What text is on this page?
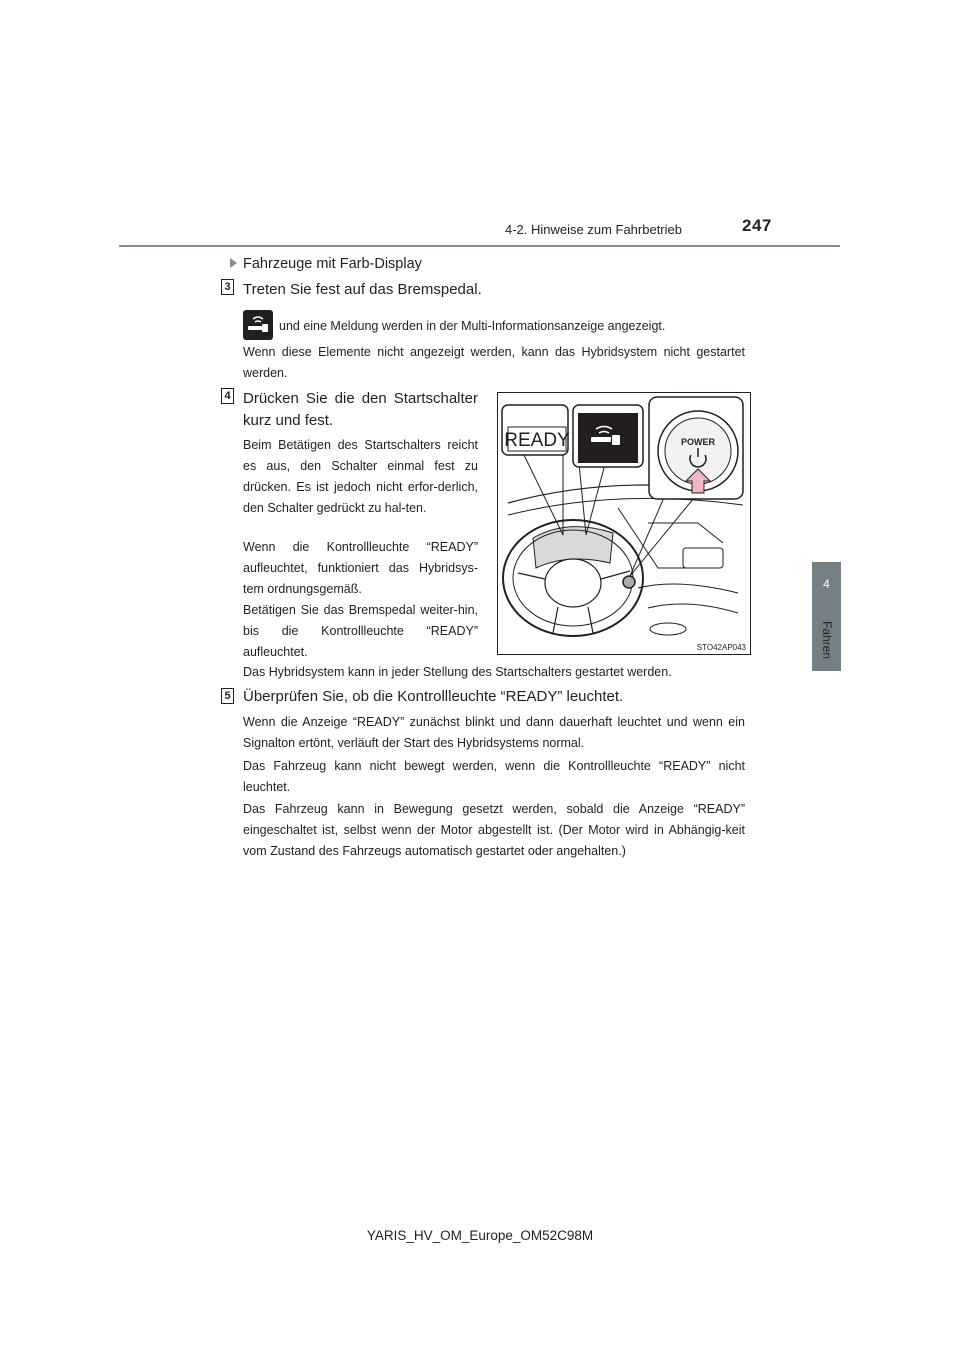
4-2. Hinweise zum Fahrbetrieb	247
4
Fahren
Fahrzeuge mit Farb-Display
3 Treten Sie fest auf das Bremspedal.
und eine Meldung werden in der Multi-Informationsanzeige angezeigt.
Wenn diese Elemente nicht angezeigt werden, kann das Hybridsystem nicht gestartet werden.
4 Drücken Sie die den Startschalter
kurz und fest.
Beim Betätigen des Startschalters reicht es aus, den Schalter einmal fest zu drücken. Es ist jedoch nicht erfor-derlich, den Schalter gedrückt zu hal-ten.
Wenn die Kontrollleuchte “READY” aufleuchtet, funktioniert das Hybridsys-tem ordnungsgemäß.
Betätigen Sie das Bremspedal weiter-hin, bis die Kontrollleuchte “READY” aufleuchtet.
Das Hybridsystem kann in jeder Stellung des Startschalters gestartet werden.
READY	POWER
STO42AP043
5 Überprüfen Sie, ob die Kontrollleuchte “READY” leuchtet.
Wenn die Anzeige “READY” zunächst blinkt und dann dauerhaft leuchtet und wenn ein Signalton ertönt, verläuft der Start des Hybridsystems normal.
Das Fahrzeug kann nicht bewegt werden, wenn die Kontrollleuchte “READY” nicht leuchtet.
Das Fahrzeug kann in Bewegung gesetzt werden, sobald die Anzeige “READY” eingeschaltet ist, selbst wenn der Motor abgestellt ist. (Der Motor wird in Abhängig-keit vom Zustand des Fahrzeugs automatisch gestartet oder angehalten.)
YARIS_HV_OM_Europe_OM52C98M
